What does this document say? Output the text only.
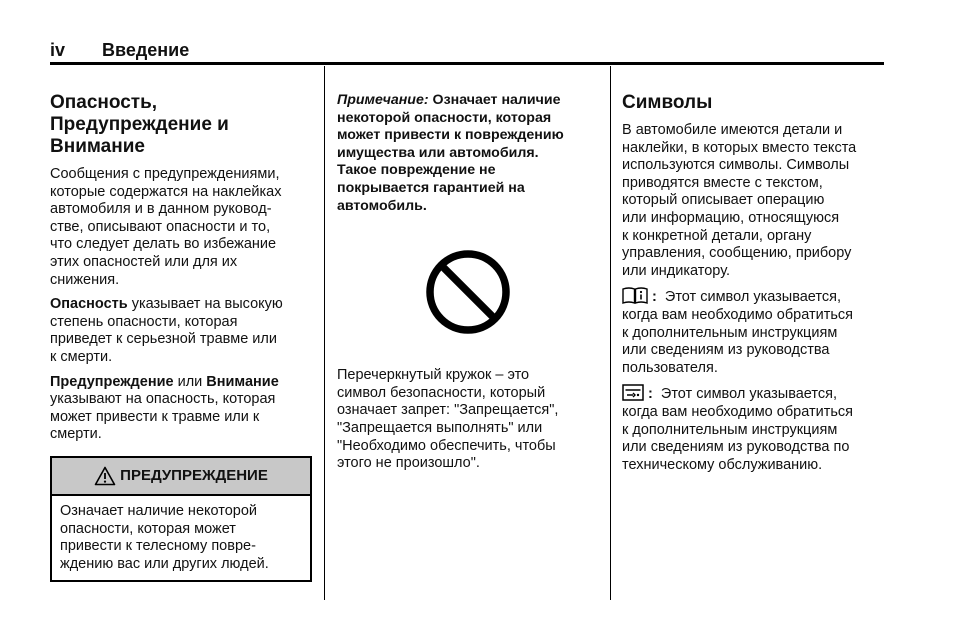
iv Введение
Опасность,
Предупреждение и
Внимание

Сообщения с предупреждениями,
которые содержатся на наклейках
автомобиля и в данном руковод-
стве, описывают опасности и то,
что следует делать во избежание
этих опасностей или для их
снижения.

Опасность указывает на высокую
степень опасности, которая
приведет к серьезной травме или
к смерти.

Предупреждение или Внимание
указывают на опасность, которая
может привести к травме или к
смерти.

ПРЕДУПРЕЖДЕНИЕ
Означает наличие некоторой
опасности, которая может
привести к телесному повре-
ждению вас или других людей.
Примечание: Означает наличие
некоторой опасности, которая
может привести к повреждению
имущества или автомобиля.
Такое повреждение не
покрывается гарантией на
автомобиль.

Перечеркнутый кружок – это
символ безопасности, который
означает запрет: "Запрещается",
"Запрещается выполнять" или
"Необходимо обеспечить, чтобы
этого не произошло".

Символы

В автомобиле имеются детали и
наклейки, в которых вместо текста
используются символы. Символы
приводятся вместе с текстом,
который описывает операцию
или информацию, относящуюся
к конкретной детали, органу
управления, сообщению, прибору
или индикатору.

: Этот символ указывается,
когда вам необходимо обратиться
к дополнительным инструкциям
или сведениям из руководства
пользователя.

: Этот символ указывается,
когда вам необходимо обратиться
к дополнительным инструкциям
или сведениям из руководства по
техническому обслуживанию.
